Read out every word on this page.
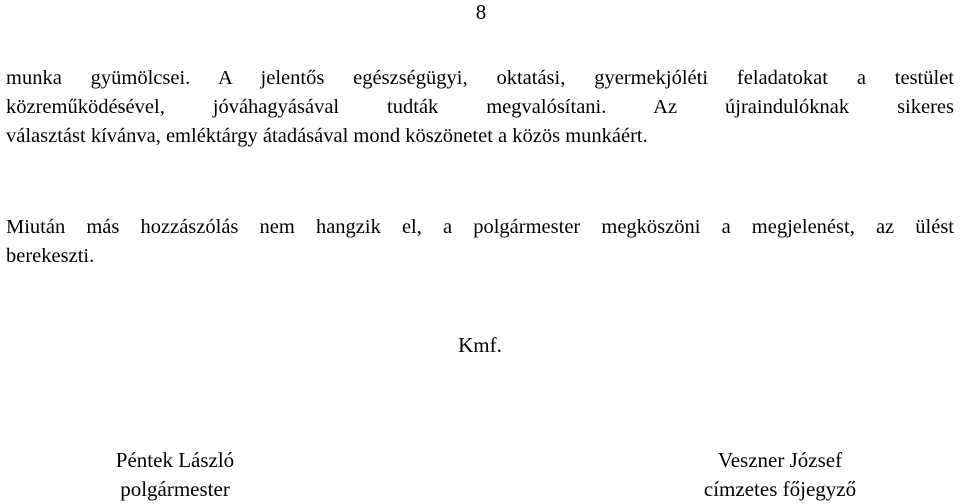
8

munka gyümölcsei. A jelentős egészségügyi, oktatási, gyermekjóléti feladatokat a testület
közreműködésével, jóváhagyásával tudták megvalósítani. Az újraindulóknak sikeres
választást kívánva, emléktárgy átadásával mond köszönetet a közös munkáért.

Miután más hozzászólás nem hangzik el, a polgármester megköszöni a megjelenést, az ülést
berekeszti.

Kmf.
Péntek László
polgármester
Veszner József
címzetes főjegyző
